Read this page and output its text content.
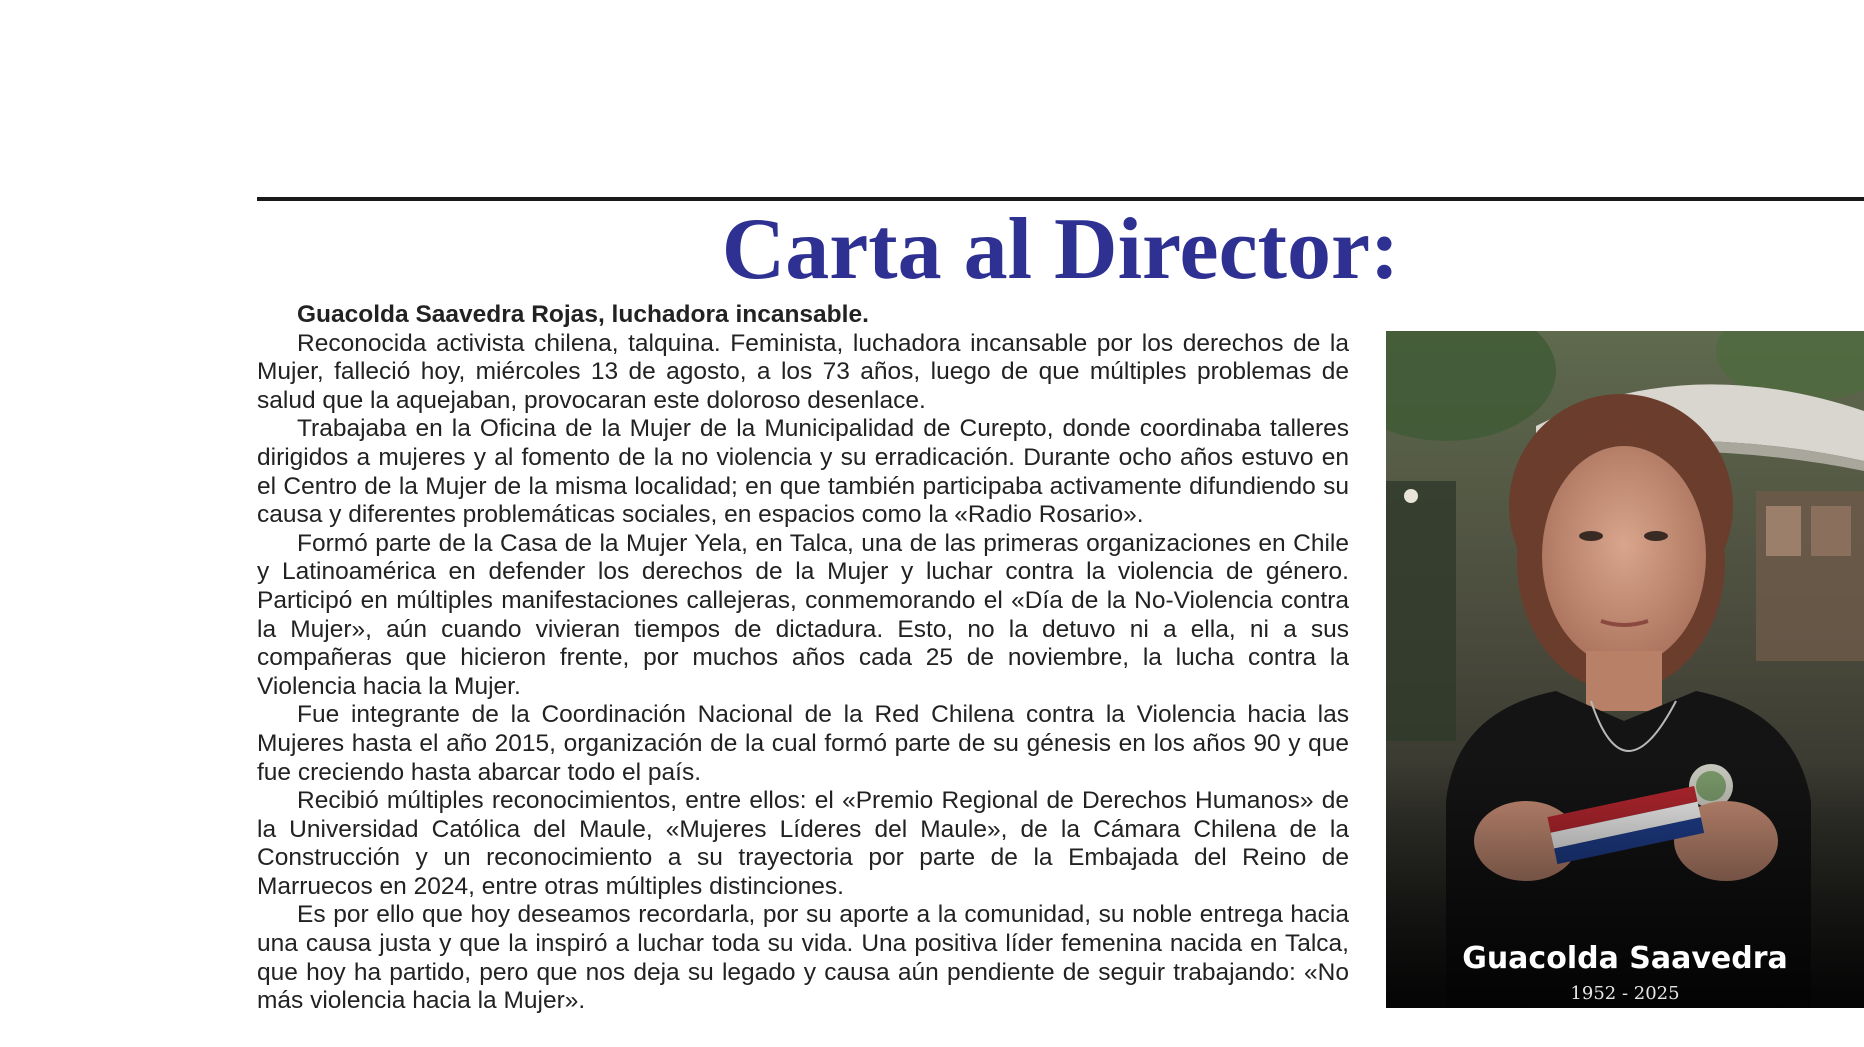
Carta al Director:
Guacolda Saavedra Rojas, luchadora incansable.

Reconocida activista chilena, talquina. Feminista, luchadora incansable por los derechos de la Mujer, falleció hoy, miércoles 13 de agosto, a los 73 años, luego de que múltiples problemas de salud que la aquejaban, provocaran este doloroso desenlace.

Trabajaba en la Oficina de la Mujer de la Municipalidad de Curepto, donde coordinaba talleres dirigidos a mujeres y al fomento de la no violencia y su erradicación. Durante ocho años estuvo en el Centro de la Mujer de la misma localidad; en que también participaba activamente difundiendo su causa y diferentes problemáticas sociales, en espacios como la «Radio Rosario».

Formó parte de la Casa de la Mujer Yela, en Talca, una de las primeras organizaciones en Chile y Latinoamérica en defender los derechos de la Mujer y luchar contra la violencia de género. Participó en múltiples manifestaciones callejeras, conmemorando el «Día de la No-Violencia contra la Mujer», aún cuando vivieran tiempos de dictadura. Esto, no la detuvo ni a ella, ni a sus compañeras que hicieron frente, por muchos años cada 25 de noviembre, la lucha contra la Violencia hacia la Mujer.

Fue integrante de la Coordinación Nacional de la Red Chilena contra la Violencia hacia las Mujeres hasta el año 2015, organización de la cual formó parte de su génesis en los años 90 y que fue creciendo hasta abarcar todo el país.

Recibió múltiples reconocimientos, entre ellos: el «Premio Regional de Derechos Humanos» de la Universidad Católica del Maule, «Mujeres Líderes del Maule», de la Cámara Chilena de la Construcción y un reconocimiento a su trayectoria por parte de la Embajada del Reino de Marruecos en 2024, entre otras múltiples distinciones.

Es por ello que hoy deseamos recordarla, por su aporte a la comunidad, su noble entrega hacia una causa justa y que la inspiró a luchar toda su vida. Una positiva líder femenina nacida en Talca, que hoy ha partido, pero que nos deja su legado y causa aún pendiente de seguir trabajando: «No más violencia hacia la Mujer».

Guacolda Saavedra
1952 - 2025
